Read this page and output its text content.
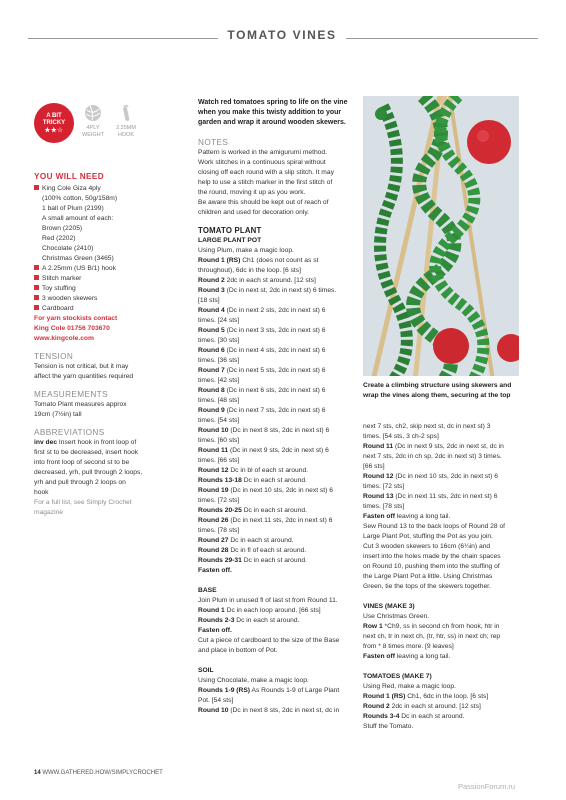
TOMATO VINES
A BIT
TRICKY
★★☆	4PLY
WEIGHT

2.25MM
HOOK

YOU WILL NEED

King Cole Giza 4ply

(100% cotton, 50g/158m)

1 ball of Plum (2199)

A small amount of each:

Brown (2205)

Red (2202)

Chocolate (2410)

Christmas Green (3465)

A 2.25mm (US B/1) hook

Stitch marker

Toy stuffing

3 wooden skewers

Cardboard

For yarn stockists contact

King Cole 01756 703670

www.kingcole.com

TENSION

Tension is not critical, but it may

affect the yarn quantities required

MEASUREMENTS

Tomato Plant measures approx

19cm (7½in) tall

ABBREVIATIONS

inv dec Insert hook in front loop of

first st to be decreased, insert hook

into front loop of second st to be

decreased, yrh, pull through 2 loops,

yrh and pull through 2 loops on

hook

For a full list, see Simply Crochet

magazine

Watch red tomatoes spring to life on the vine

when you make this twisty addition to your

garden and wrap it around wooden skewers.

NOTES

Pattern is worked in the amigurumi method.

Work stitches in a continuous spiral without

closing off each round with a slip stitch. It may

help to use a stitch marker in the first stitch of

the round, moving it up as you work.

Be aware this should be kept out of reach of

children and used for decoration only.

TOMATO PLANT

LARGE PLANT POT

Using Plum, make a magic loop.

Round 1 (RS) Ch1 (does not count as st

throughout), 6dc in the loop. [6 sts]

Round 2 2dc in each st around. [12 sts]

Round 3 (Dc in next st, 2dc in next st) 6 times.

[18 sts]

Round 4 (Dc in next 2 sts, 2dc in next st) 6

times. [24 sts]

Round 5 (Dc in next 3 sts, 2dc in next st) 6

times. [30 sts]

Round 6 (Dc in next 4 sts, 2dc in next st) 6

times. [36 sts]

Round 7 (Dc in next 5 sts, 2dc in next st) 6

times. [42 sts]

Round 8 (Dc in next 6 sts, 2dc in next st) 6

times. [48 sts]

Round 9 (Dc in next 7 sts, 2dc in next st) 6

times. [54 sts]

Round 10 (Dc in next 8 sts, 2dc in next st) 6

times. [60 sts]

Round 11 (Dc in next 9 sts, 2dc in next st) 6

times. [66 sts]

Round 12 Dc in bl of each st around.

Rounds 13-18 Dc in each st around.

Round 19 (Dc in next 10 sts, 2dc in next st) 6

times. [72 sts]

Rounds 20-25 Dc in each st around.

Round 26 (Dc in next 11 sts, 2dc in next st) 6

times. [78 sts]

Round 27 Dc in each st around.

Round 28 Dc in fl of each st around.

Rounds 29-31 Dc in each st around.

Fasten off.

BASE

Join Plum in unused fl of last st from Round 11.

Round 1 Dc in each loop around. [66 sts]

Rounds 2-3 Dc in each st around.

Fasten off.

Cut a piece of cardboard to the size of the Base

and place in bottom of Pot.

SOIL

Using Chocolate, make a magic loop.

Rounds 1-9 (RS) As Rounds 1-9 of Large Plant

Pot. [54 sts]

Round 10 (Dc in next 8 sts, 2dc in next st, dc in

Create a climbing structure using skewers and

wrap the vines along them, securing at the top

next 7 sts, ch2, skip next st, dc in next st) 3

times. [54 sts, 3 ch-2 sps]

Round 11 (Dc in next 9 sts, 2dc in next st, dc in

next 7 sts, 2dc in ch sp, 2dc in next st) 3 times.

[66 sts]

Round 12 (Dc in next 10 sts, 2dc in next st) 6

times. [72 sts]

Round 13 (Dc in next 11 sts, 2dc in next st) 6

times. [78 sts]

Fasten off leaving a long tail.

Sew Round 13 to the back loops of Round 28 of

Large Plant Pot, stuffing the Pot as you join.

Cut 3 wooden skewers to 16cm (6¼in) and

insert into the holes made by the chain spaces

on Round 10, pushing them into the stuffing of

the Large Plant Pot a little. Using Christmas

Green, tie the tops of the skewers together.

VINES (MAKE 3)

Use Christmas Green.

Row 1 *Ch9, ss in second ch from hook, htr in

next ch, tr in next ch, (tr, htr, ss) in next ch; rep

from * 8 times more. [9 leaves]

Fasten off leaving a long tail.

TOMATOES (MAKE 7)

Using Red, make a magic loop.

Round 1 (RS) Ch1, 6dc in the loop. [6 sts]

Round 2 2dc in each st around. [12 sts]

Rounds 3-4 Dc in each st around.

Stuff the Tomato.

14 WWW.GATHERED.HOW/SIMPLYCROCHET
PassionForum.ru
